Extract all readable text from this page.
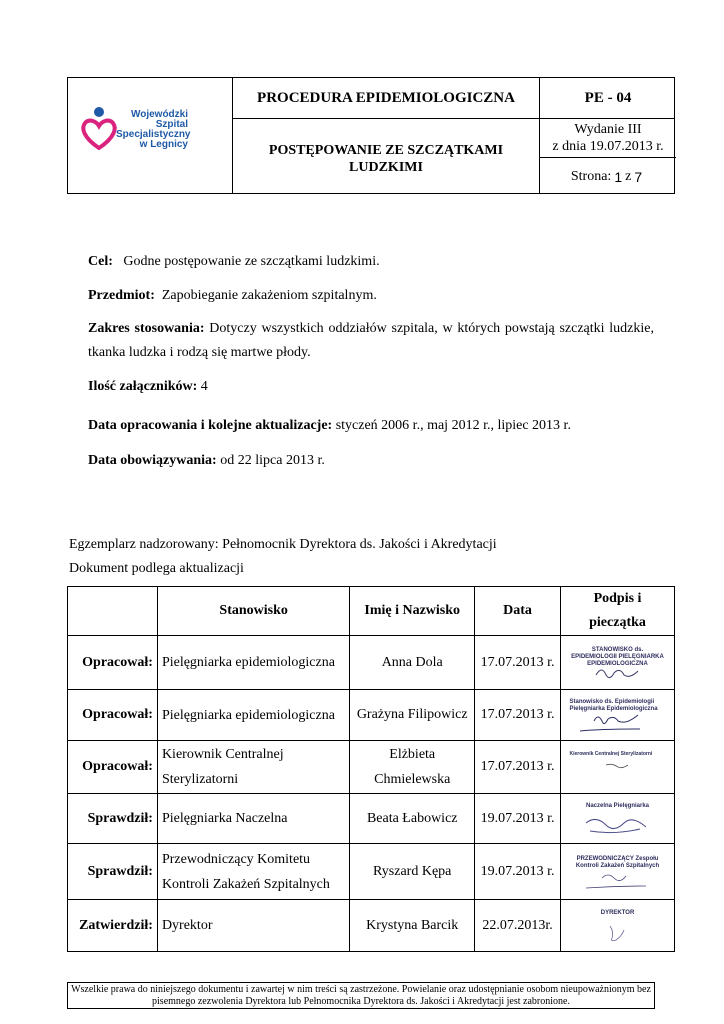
Wojewódzki
Szpital
Specjalistyczny
w Legnicy
PROCEDURA EPIDEMIOLOGICZNA	PE - 04
POSTĘPOWANIE ZE SZCZĄTKAMI
LUDZKIMI
Wydanie III
z dnia 19.07.2013 r.
Strona: 1 z 7
Cel: Godne postępowanie ze szczątkami ludzkimi.
Przedmiot: Zapobieganie zakażeniom szpitalnym.
Zakres stosowania: Dotyczy wszystkich oddziałów szpitala, w których powstają szczątki ludzkie, tkanka ludzka i rodzą się martwe płody.
Ilość załączników: 4
Data opracowania i kolejne aktualizacje: styczeń 2006 r., maj 2012 r., lipiec 2013 r.
Data obowiązywania: od 22 lipca 2013 r.
Egzemplarz nadzorowany: Pełnomocnik Dyrektora ds. Jakości i Akredytacji
Dokument podlega aktualizacji
	Stanowisko	Imię i Nazwisko	Data	Podpis i
pieczątka
Opracował:	Pielęgniarka epidemiologiczna	Anna Dola	17.07.2013 r.	STANOWISKO ds. EPIDEMIOLOGII PIELĘGNIARKA EPIDEMIOLOGICZNA

Opracował:	Pielęgniarka epidemiologiczna	Grażyna Filipowicz	17.07.2013 r.	Stanowisko ds. Epidemiologii Pielęgniarka Epidemiologiczna

Opracował:	Kierownik Centralnej
Sterylizatorni	Elżbieta
Chmielewska	17.07.2013 r.	Kierownik Centralnej Sterylizatorni

Sprawdził:	Pielęgniarka Naczelna	Beata Łabowicz	19.07.2013 r.	Naczelna Pielęgniarka

Sprawdził:	Przewodniczący Komitetu
Kontroli Zakażeń Szpitalnych	Ryszard Kępa	19.07.2013 r.	PRZEWODNICZĄCY Zespołu Kontroli Zakażeń Szpitalnych

Zatwierdził:	Dyrektor	Krystyna Barcik	22.07.2013r.	DYREKTOR
Wszelkie prawa do niniejszego dokumentu i zawartej w nim treści są zastrzeżone. Powielanie oraz udostępnianie osobom nieupoważnionym bez
pisemnego zezwolenia Dyrektora lub Pełnomocnika Dyrektora ds. Jakości i Akredytacji jest zabronione.
